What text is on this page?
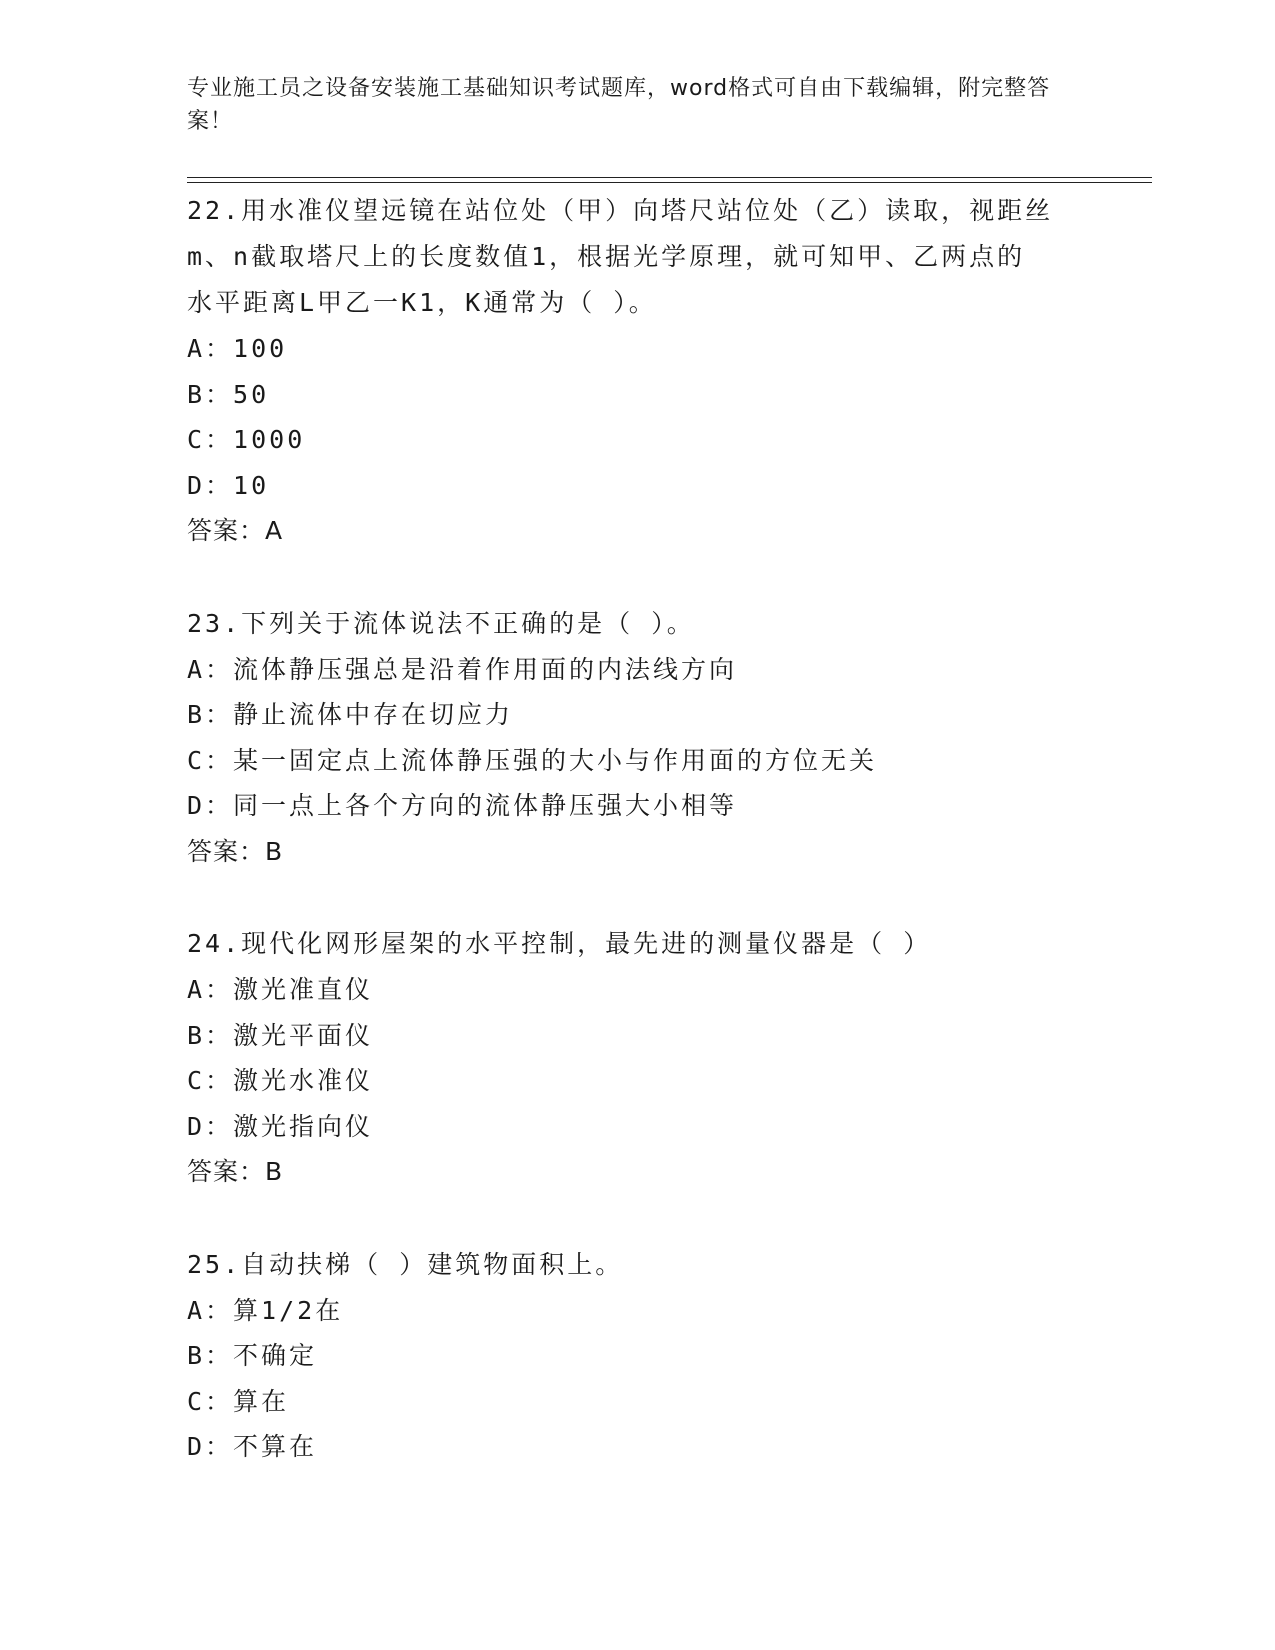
专业施工员之设备安装施工基础知识考试题库，word格式可自由下载编辑，附完整答案！
22.用水准仪望远镜在站位处（甲）向塔尺站位处（乙）读取，视距丝
m、n截取塔尺上的长度数值1，根据光学原理，就可知甲、乙两点的
水平距离L甲乙一K1，K通常为（ ）。
A：100
B：50
C：1000
D：10
答案：A
23.下列关于流体说法不正确的是（ ）。
A：流体静压强总是沿着作用面的内法线方向
B：静止流体中存在切应力
C：某一固定点上流体静压强的大小与作用面的方位无关
D：同一点上各个方向的流体静压强大小相等
答案：B
24.现代化网形屋架的水平控制，最先进的测量仪器是（ ）
A：激光准直仪
B：激光平面仪
C：激光水准仪
D：激光指向仪
答案：B
25.自动扶梯（ ）建筑物面积上。
A：算1/2在
B：不确定
C：算在
D：不算在
